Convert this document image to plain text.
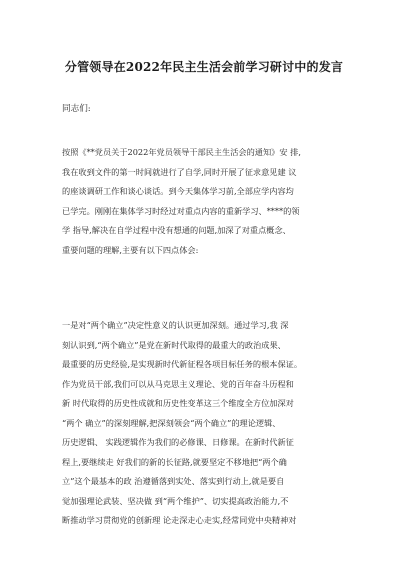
分管领导在2022年民主生活会前学习研讨中的发言
同志们:
按照《**党员关于2022年党员领导干部民主生活会的通知》安 排,
我在收到文件的第一时间就进行了自学,同时开展了征求意见建 议
的座谈调研工作和谈心谈话。到今天集体学习前,全部应学内容均
已学完。刚刚在集体学习时经过对重点内容的重新学习、****的领
学 指导,解决在自学过程中没有想通的问题,加深了对重点概念、
重要问题的理解,主要有以下四点体会:
一是对“两个确立”决定性意义的认识更加深刻。通过学习,我 深
刻认识到,“两个确立”是党在新时代取得的最重大的政治成果、
最重要的历史经验,是实现新时代新征程各项目标任务的根本保证。
作为党员干部,我们可以从马克思主义理论、党的百年奋斗历程和
新 时代取得的历史性成就和历史性变革这三个维度全方位加深对
“两个 确立”的深刻理解,把深刻领会“两个确立”的理论逻辑、
历史逻辑、 实践逻辑作为我们的必修课、日修课。在新时代新征
程上,要继续走 好我们的新的长征路,就要坚定不移地把“两个确
立”这个最基本的政 治遵循落到实处、落实到行动上,就是要自
觉加强理论武装、坚决做 到“两个维护”、切实提高政治能力,不
断推动学习贯彻党的创新理 论走深走心走实,经常同党中央精神对
